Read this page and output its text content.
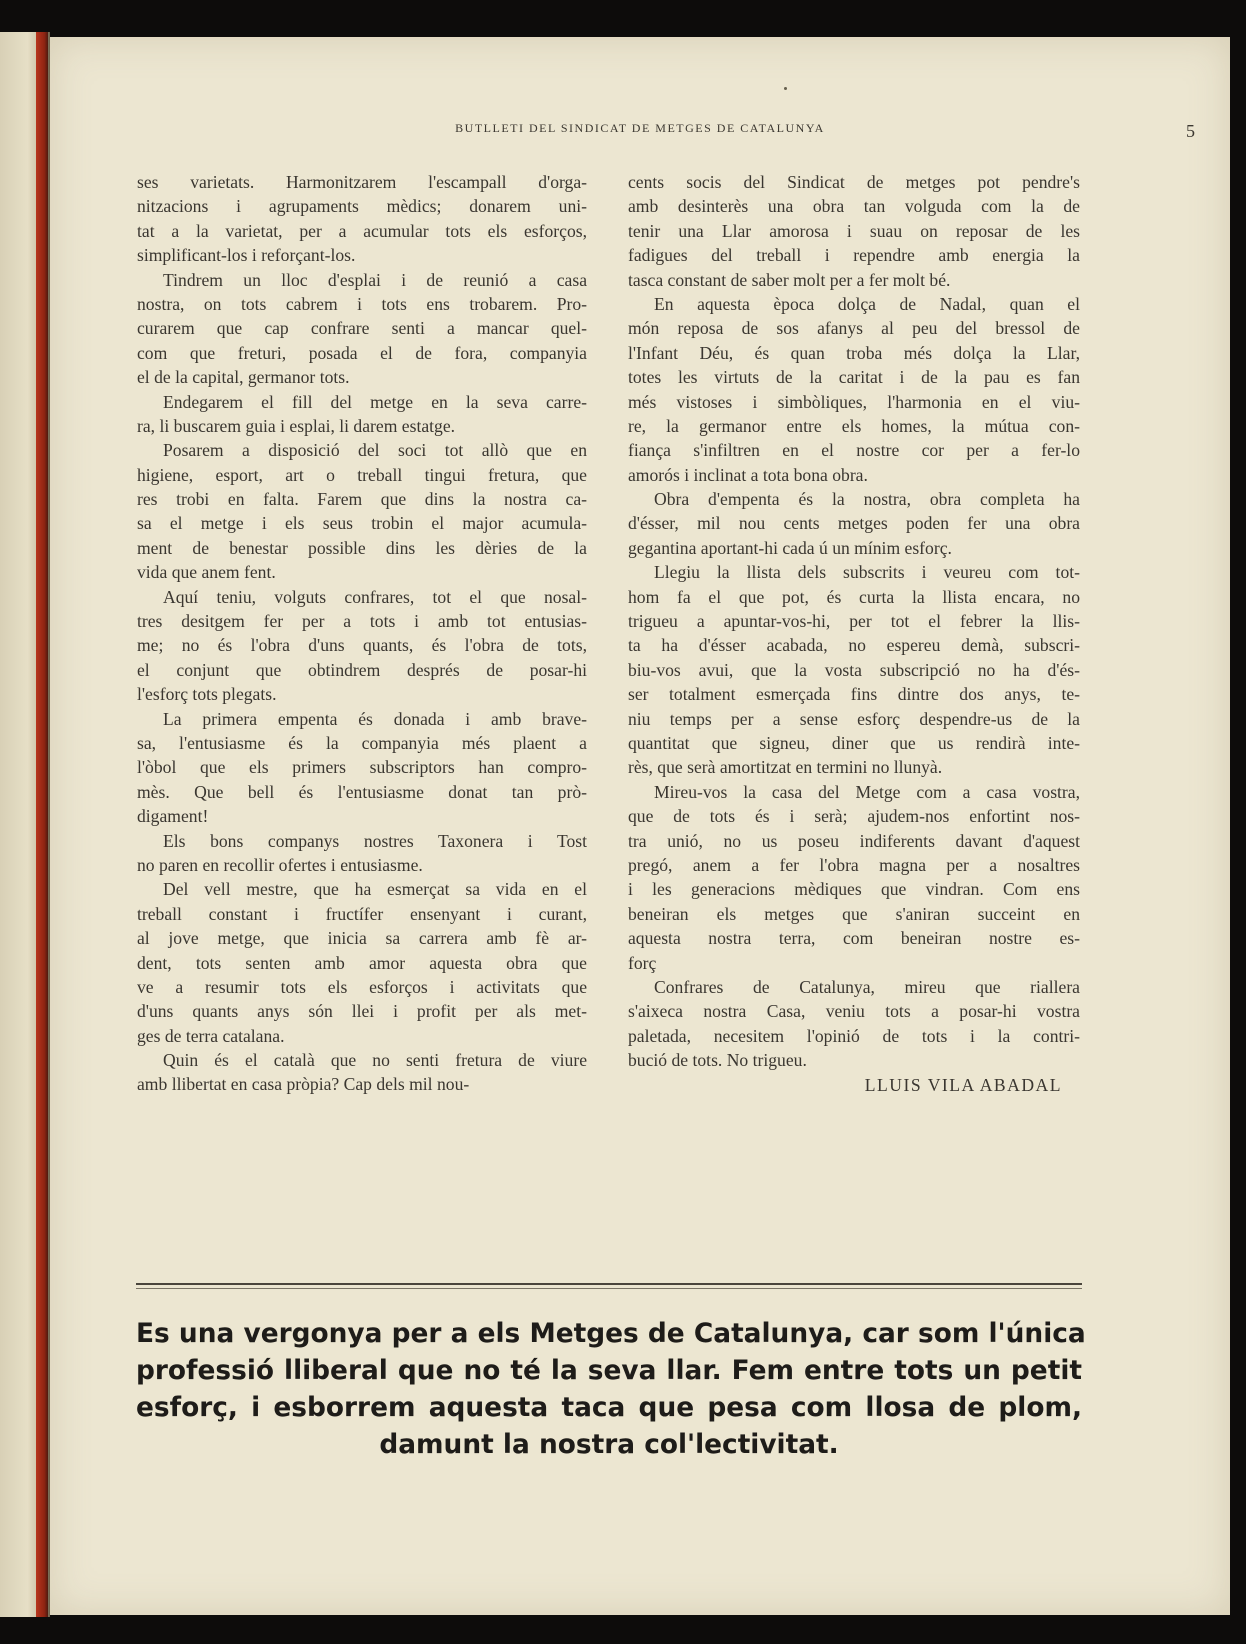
BUTLLETI DEL SINDICAT DE METGES DE CATALUNYA	5
ses varietats. Harmonitzarem l'escampall d'orga-
nitzacions i agrupaments mèdics; donarem uni-
tat a la varietat, per a acumular tots els esforços,
simplificant-los i reforçant-los.
Tindrem un lloc d'esplai i de reunió a casa
nostra, on tots cabrem i tots ens trobarem. Pro-
curarem que cap confrare senti a mancar quel-
com que freturi, posada el de fora, companyia
el de la capital, germanor tots.
Endegarem el fill del metge en la seva carre-
ra, li buscarem guia i esplai, li darem estatge.
Posarem a disposició del soci tot allò que en
higiene, esport, art o treball tingui fretura, que
res trobi en falta. Farem que dins la nostra ca-
sa el metge i els seus trobin el major acumula-
ment de benestar possible dins les dèries de la
vida que anem fent.
Aquí teniu, volguts confrares, tot el que nosal-
tres desitgem fer per a tots i amb tot entusias-
me; no és l'obra d'uns quants, és l'obra de tots,
el conjunt que obtindrem després de posar-hi
l'esforç tots plegats.
La primera empenta és donada i amb brave-
sa, l'entusiasme és la companyia més plaent a
l'òbol que els primers subscriptors han compro-
mès. Que bell és l'entusiasme donat tan prò-
digament!
Els bons companys nostres Taxonera i Tost
no paren en recollir ofertes i entusiasme.
Del vell mestre, que ha esmerçat sa vida en el
treball constant i fructífer ensenyant i curant,
al jove metge, que inicia sa carrera amb fè ar-
dent, tots senten amb amor aquesta obra que
ve a resumir tots els esforços i activitats que
d'uns quants anys són llei i profit per als met-
ges de terra catalana.
Quin és el català que no senti fretura de viure
amb llibertat en casa pròpia? Cap dels mil nou-
cents socis del Sindicat de metges pot pendre's
amb desinterès una obra tan volguda com la de
tenir una Llar amorosa i suau on reposar de les
fadigues del treball i rependre amb energia la
tasca constant de saber molt per a fer molt bé.
En aquesta època dolça de Nadal, quan el
món reposa de sos afanys al peu del bressol de
l'Infant Déu, és quan troba més dolça la Llar,
totes les virtuts de la caritat i de la pau es fan
més vistoses i simbòliques, l'harmonia en el viu-
re, la germanor entre els homes, la mútua con-
fiança s'infiltren en el nostre cor per a fer-lo
amorós i inclinat a tota bona obra.
Obra d'empenta és la nostra, obra completa ha
d'ésser, mil nou cents metges poden fer una obra
gegantina aportant-hi cada ú un mínim esforç.
Llegiu la llista dels subscrits i veureu com tot-
hom fa el que pot, és curta la llista encara, no
trigueu a apuntar-vos-hi, per tot el febrer la llis-
ta ha d'ésser acabada, no espereu demà, subscri-
biu-vos avui, que la vosta subscripció no ha d'és-
ser totalment esmerçada fins dintre dos anys, te-
niu temps per a sense esforç despendre-us de la
quantitat que signeu, diner que us rendirà inte-
rès, que serà amortitzat en termini no llunyà.
Mireu-vos la casa del Metge com a casa vostra,
que de tots és i serà; ajudem-nos enfortint nos-
tra unió, no us poseu indiferents davant d'aquest
pregó, anem a fer l'obra magna per a nosaltres
i les generacions mèdiques que vindran. Com ens
beneiran els metges que s'aniran succeint en
aquesta nostra terra, com beneiran nostre es-
forç
Confrares de Catalunya, mireu que riallera
s'aixeca nostra Casa, veniu tots a posar-hi vostra
paletada, necesitem l'opinió de tots i la contri-
bució de tots. No trigueu.
LLUIS VILA ABADAL
Es una vergonya per a els Metges de Catalunya, car som l'única
professió lliberal que no té la seva llar. Fem entre tots un petit
esforç, i esborrem aquesta taca que pesa com llosa de plom,
damunt la nostra col'lectivitat.
